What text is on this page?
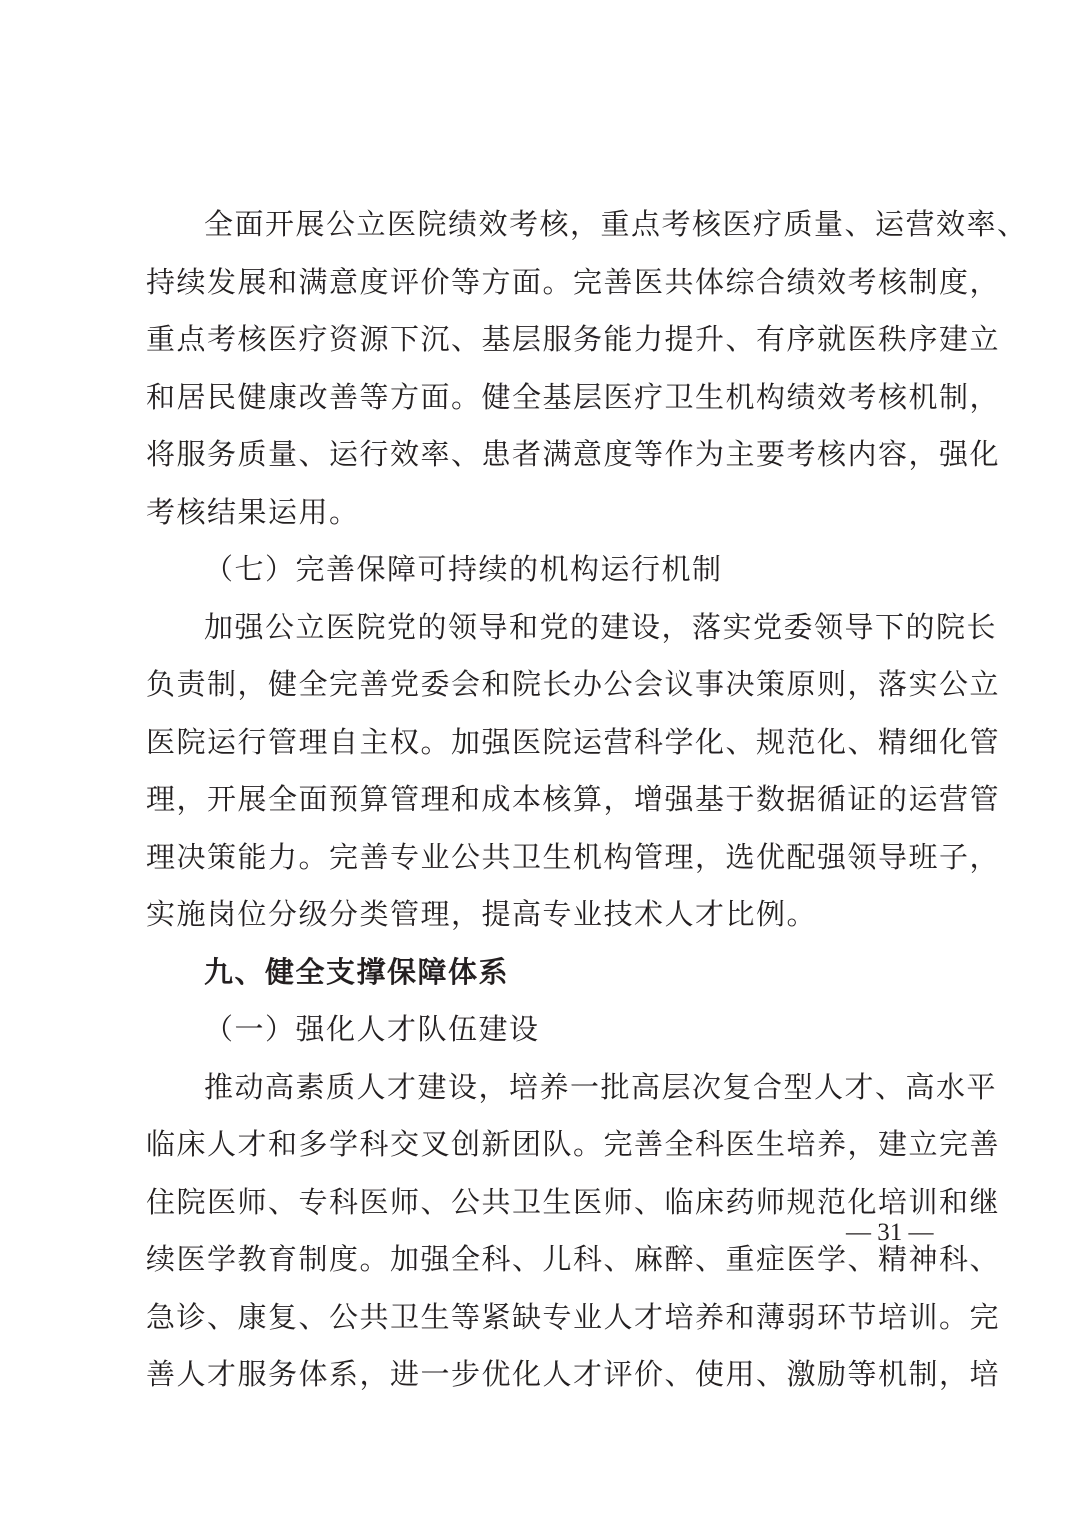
全面开展公立医院绩效考核，重点考核医疗质量、运营效率、
持续发展和满意度评价等方面。完善医共体综合绩效考核制度，
重点考核医疗资源下沉、基层服务能力提升、有序就医秩序建立
和居民健康改善等方面。健全基层医疗卫生机构绩效考核机制，
将服务质量、运行效率、患者满意度等作为主要考核内容，强化
考核结果运用。
（七）完善保障可持续的机构运行机制
加强公立医院党的领导和党的建设，落实党委领导下的院长
负责制，健全完善党委会和院长办公会议事决策原则，落实公立
医院运行管理自主权。加强医院运营科学化、规范化、精细化管
理，开展全面预算管理和成本核算，增强基于数据循证的运营管
理决策能力。完善专业公共卫生机构管理，选优配强领导班子，
实施岗位分级分类管理，提高专业技术人才比例。
九、健全支撑保障体系
（一）强化人才队伍建设
推动高素质人才建设，培养一批高层次复合型人才、高水平
临床人才和多学科交叉创新团队。完善全科医生培养，建立完善
住院医师、专科医师、公共卫生医师、临床药师规范化培训和继
续医学教育制度。加强全科、儿科、麻醉、重症医学、精神科、
急诊、康复、公共卫生等紧缺专业人才培养和薄弱环节培训。完
善人才服务体系，进一步优化人才评价、使用、激励等机制，培
— 31 —
